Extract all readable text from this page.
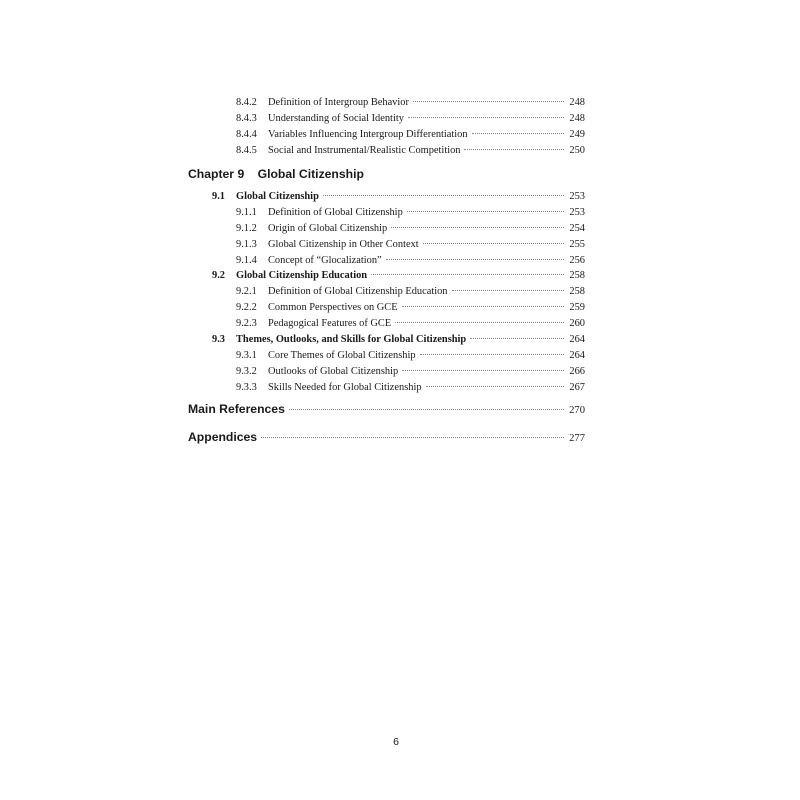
8.4.2	Definition of Intergroup Behavior	248
8.4.3	Understanding of Social Identity	248
8.4.4	Variables Influencing Intergroup Differentiation	249
8.4.5	Social and Instrumental/Realistic Competition	250
Chapter 9 Global Citizenship
9.1	Global Citizenship	253
9.1.1	Definition of Global Citizenship	253
9.1.2	Origin of Global Citizenship	254
9.1.3	Global Citizenship in Other Context	255
9.1.4	Concept of “Glocalization”	256
9.2	Global Citizenship Education	258
9.2.1	Definition of Global Citizenship Education	258
9.2.2	Common Perspectives on GCE	259
9.2.3	Pedagogical Features of GCE	260
9.3	Themes, Outlooks, and Skills for Global Citizenship	264
9.3.1	Core Themes of Global Citizenship	264
9.3.2	Outlooks of Global Citizenship	266
9.3.3	Skills Needed for Global Citizenship	267
Main References	270
Appendices	277
6
